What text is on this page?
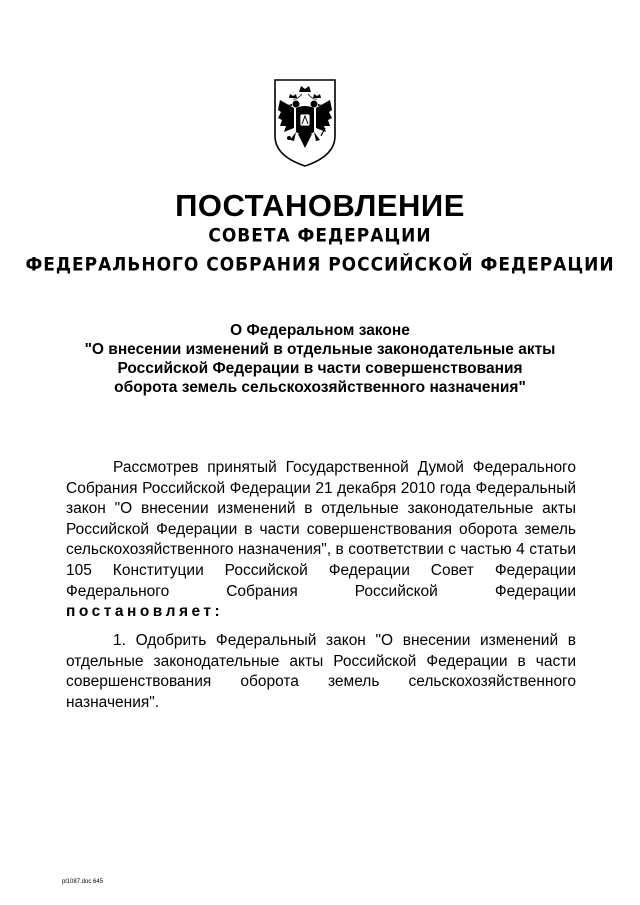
ПОСТАНОВЛЕНИЕ
СОВЕТА ФЕДЕРАЦИИ
ФЕДЕРАЛЬНОГО СОБРАНИЯ РОССИЙСКОЙ ФЕДЕРАЦИИ
О Федеральном законе
"О внесении изменений в отдельные законодательные акты
Российской Федерации в части совершенствования
оборота земель сельскохозяйственного назначения"
Рассмотрев принятый Государственной Думой Федерального Собрания Российской Федерации 21 декабря 2010 года Федеральный закон "О внесении изменений в отдельные законодательные акты Российской Федерации в части совершенствования оборота земель сельскохозяйственного назначения", в соответствии с частью 4 статьи 105 Конституции Российской Федерации Совет Федерации Федерального Собрания Российской Федерации постановляет:
1. Одобрить Федеральный закон "О внесении изменений в отдельные законодательные акты Российской Федерации в части совершенствования оборота земель сельскохозяйственного назначения".
pl1087.doc 645
